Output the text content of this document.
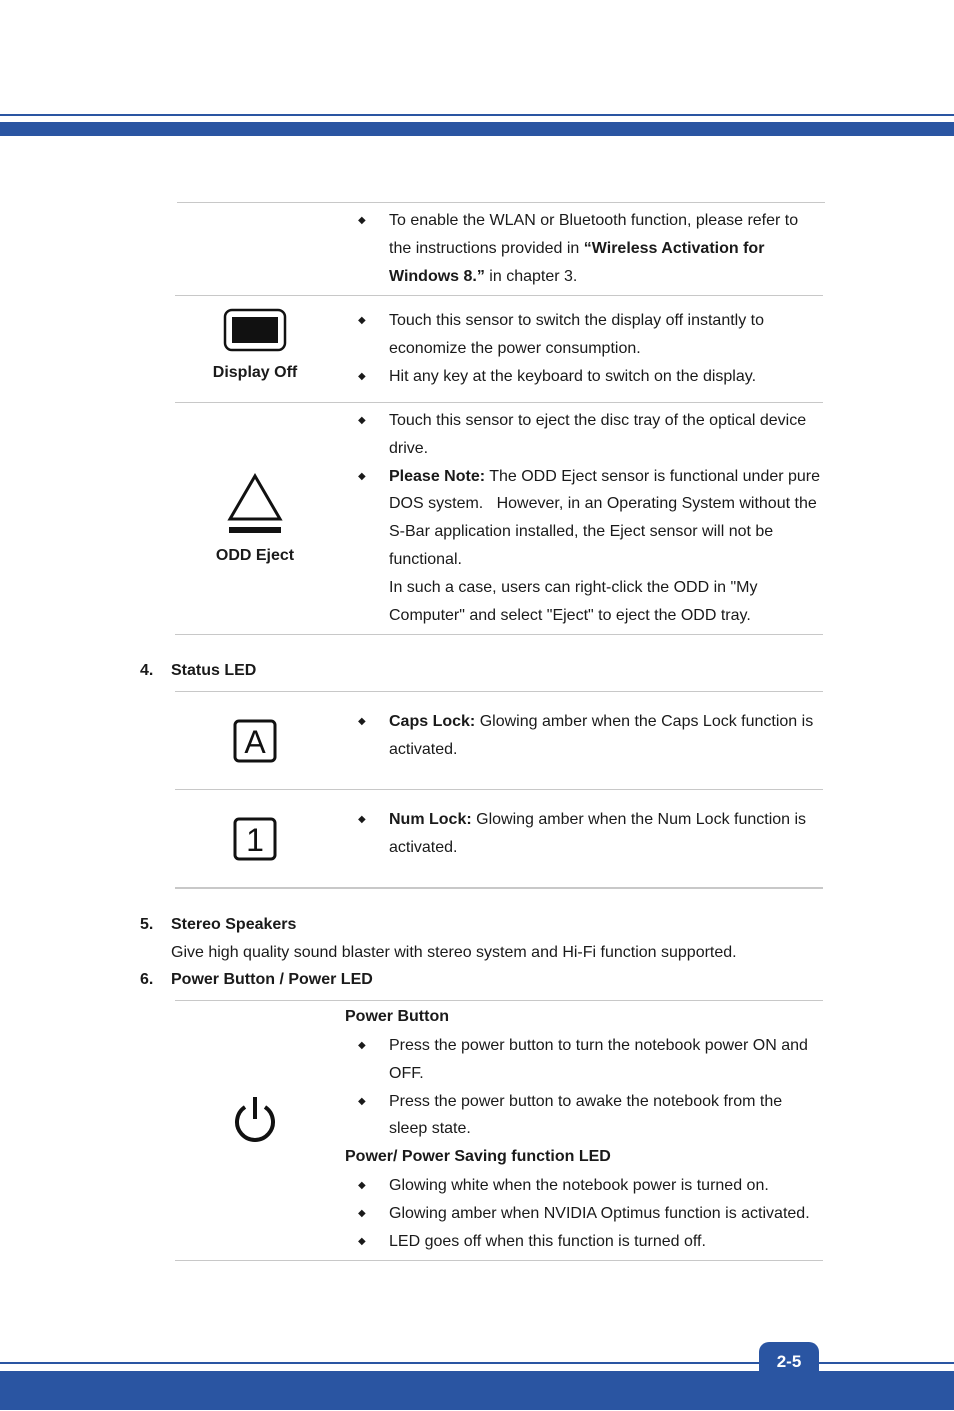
◆ To enable the WLAN or Bluetooth function, please refer to the instructions provided in “Wireless Activation for Windows 8.” in chapter 3.
Display Off
◆ Touch this sensor to switch the display off instantly to economize the power consumption.
◆ Hit any key at the keyboard to switch on the display.
ODD Eject
◆ Touch this sensor to eject the disc tray of the optical device drive.
◆ Please Note: The ODD Eject sensor is functional under pure DOS system.   However, in an Operating System without the S-Bar application installed, the Eject sensor will not be functional.
In such a case, users can right-click the ODD in "My Computer" and select "Eject" to eject the ODD tray.
4. Status LED
A
◆ Caps Lock: Glowing amber when the Caps Lock function is activated.
1
◆ Num Lock: Glowing amber when the Num Lock function is activated.
5. Stereo Speakers
Give high quality sound blaster with stereo system and Hi-Fi function supported.
6. Power Button / Power LED
Power Button
◆ Press the power button to turn the notebook power ON and OFF.
◆ Press the power button to awake the notebook from the sleep state.
Power/ Power Saving function LED
◆ Glowing white when the notebook power is turned on.
◆ Glowing amber when NVIDIA Optimus function is activated.
◆ LED goes off when this function is turned off.
2-5
